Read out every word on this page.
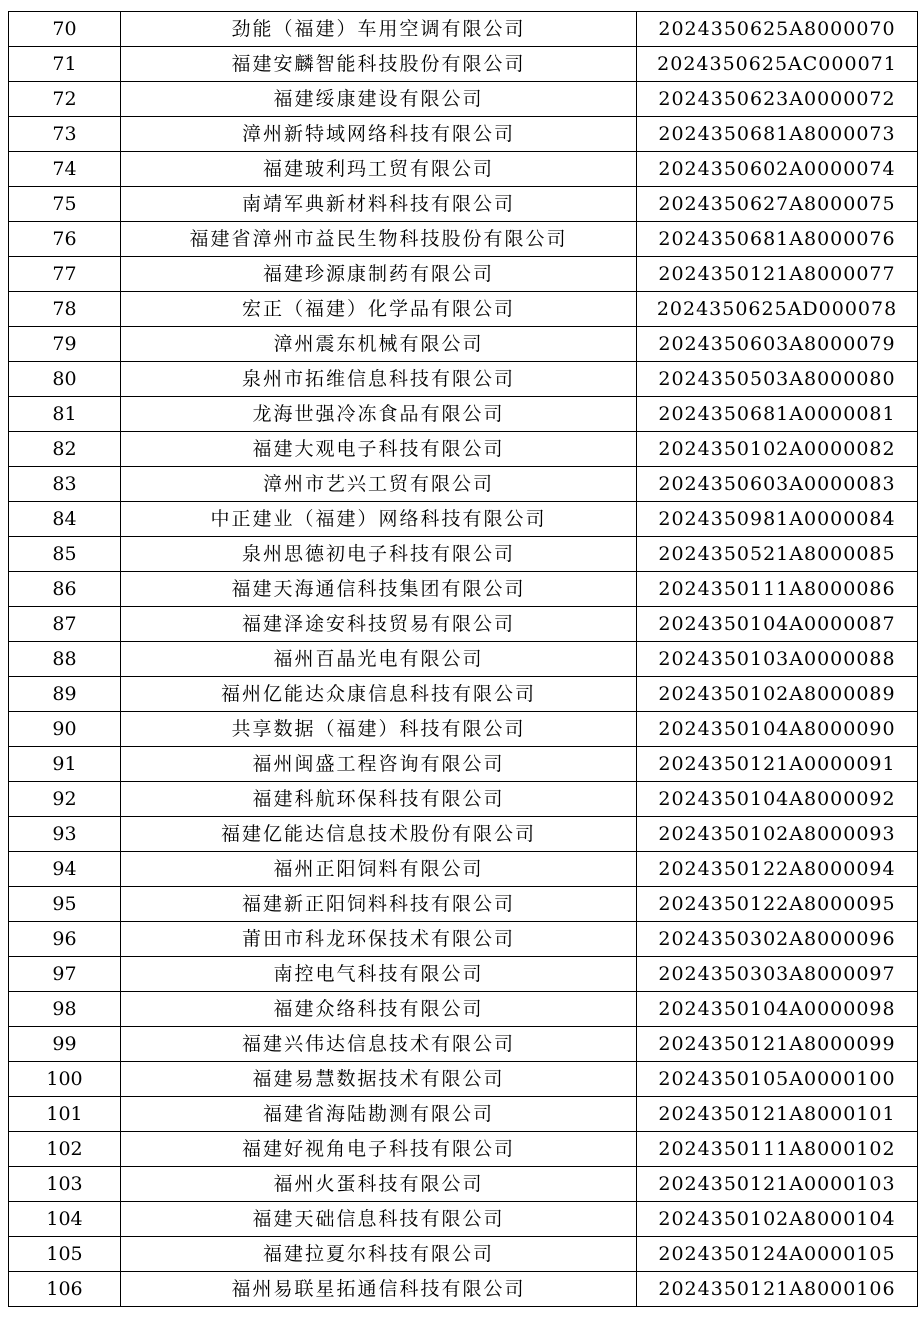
70	劲能（福建）车用空调有限公司	2024350625A8000070
71	福建安麟智能科技股份有限公司	2024350625AC000071
72	福建绥康建设有限公司	2024350623A0000072
73	漳州新特域网络科技有限公司	2024350681A8000073
74	福建玻利玛工贸有限公司	2024350602A0000074
75	南靖军典新材料科技有限公司	2024350627A8000075
76	福建省漳州市益民生物科技股份有限公司	2024350681A8000076
77	福建珍源康制药有限公司	2024350121A8000077
78	宏正（福建）化学品有限公司	2024350625AD000078
79	漳州震东机械有限公司	2024350603A8000079
80	泉州市拓维信息科技有限公司	2024350503A8000080
81	龙海世强冷冻食品有限公司	2024350681A0000081
82	福建大观电子科技有限公司	2024350102A0000082
83	漳州市艺兴工贸有限公司	2024350603A0000083
84	中正建业（福建）网络科技有限公司	2024350981A0000084
85	泉州思德初电子科技有限公司	2024350521A8000085
86	福建天海通信科技集团有限公司	2024350111A8000086
87	福建泽途安科技贸易有限公司	2024350104A0000087
88	福州百晶光电有限公司	2024350103A0000088
89	福州亿能达众康信息科技有限公司	2024350102A8000089
90	共享数据（福建）科技有限公司	2024350104A8000090
91	福州闽盛工程咨询有限公司	2024350121A0000091
92	福建科航环保科技有限公司	2024350104A8000092
93	福建亿能达信息技术股份有限公司	2024350102A8000093
94	福州正阳饲料有限公司	2024350122A8000094
95	福建新正阳饲料科技有限公司	2024350122A8000095
96	莆田市科龙环保技术有限公司	2024350302A8000096
97	南控电气科技有限公司	2024350303A8000097
98	福建众络科技有限公司	2024350104A0000098
99	福建兴伟达信息技术有限公司	2024350121A8000099
100	福建易慧数据技术有限公司	2024350105A0000100
101	福建省海陆勘测有限公司	2024350121A8000101
102	福建好视角电子科技有限公司	2024350111A8000102
103	福州火蛋科技有限公司	2024350121A0000103
104	福建天础信息科技有限公司	2024350102A8000104
105	福建拉夏尔科技有限公司	2024350124A0000105
106	福州易联星拓通信科技有限公司	2024350121A8000106
